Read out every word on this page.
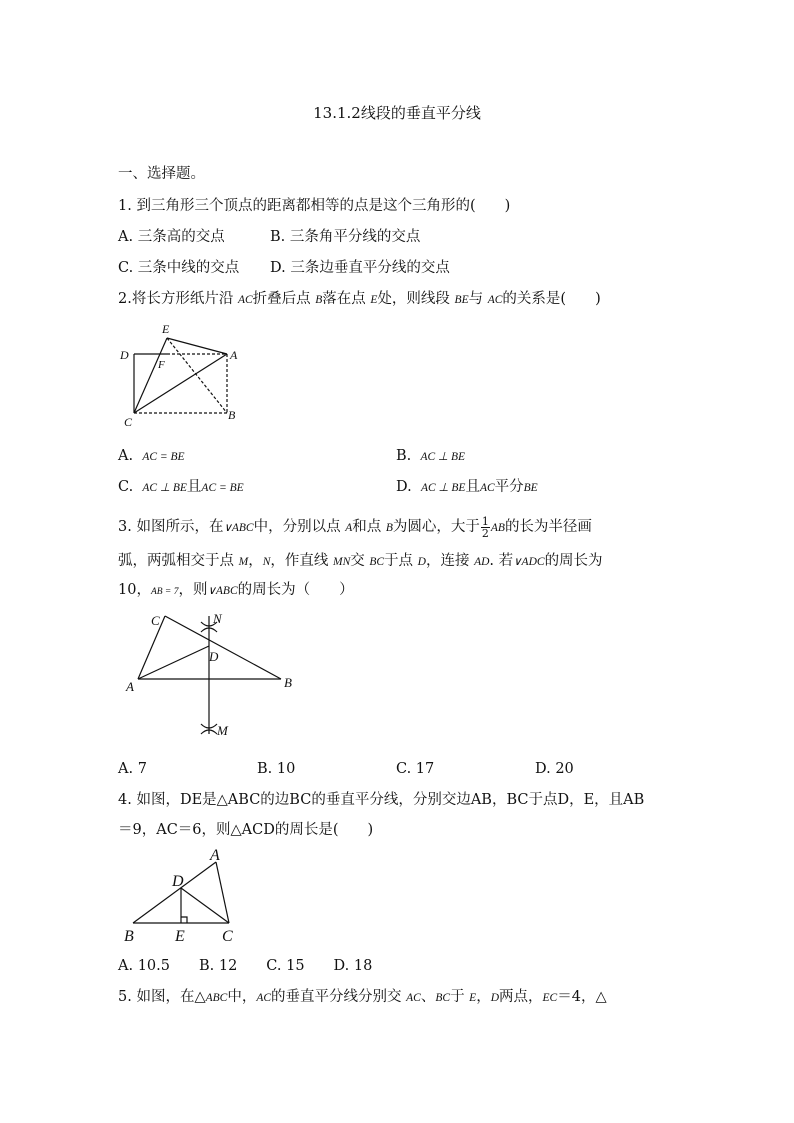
13.1.2线段的垂直平分线
一、选择题。
1. 到三角形三个顶点的距离都相等的点是这个三角形的(　　)
A. 三条高的交点	B. 三条角平分线的交点
C. 三条中线的交点 D. 三条边垂直平分线的交点
2.将长方形纸片沿 AC折叠后点 B落在点 E处，则线段 BE与 AC的关系是(　　)
E
D	A
F
C	B
A. AC = BE	B. AC ⊥ BE
C. AC ⊥ BE且AC = BE	D. AC ⊥ BE且AC平分BE
3. 如图所示，在∨ABC中，分别以点 A和点 B为圆心，大于 $\frac{1}{2}$ AB的长为半径画
弧，两弧相交于点 M，N，作直线 MN交 BC于点 D，连接 AD. 若∨ADC的周长为
10，AB = 7，则∨ABC的周长为（　　）
C	N
D
A	B
M
A. 7	B. 10	C. 17	D. 20
4. 如图，DE是△ABC的边BC的垂直平分线，分别交边AB，BC于点D，E，且AB
＝9，AC＝6，则△ACD的周长是(　　)
A
D
B	E C
A. 10.5　　B. 12　　C. 15　　D. 18
5. 如图，在△ABC中，AC的垂直平分线分别交 AC、BC于 E，D两点，EC＝4，△
